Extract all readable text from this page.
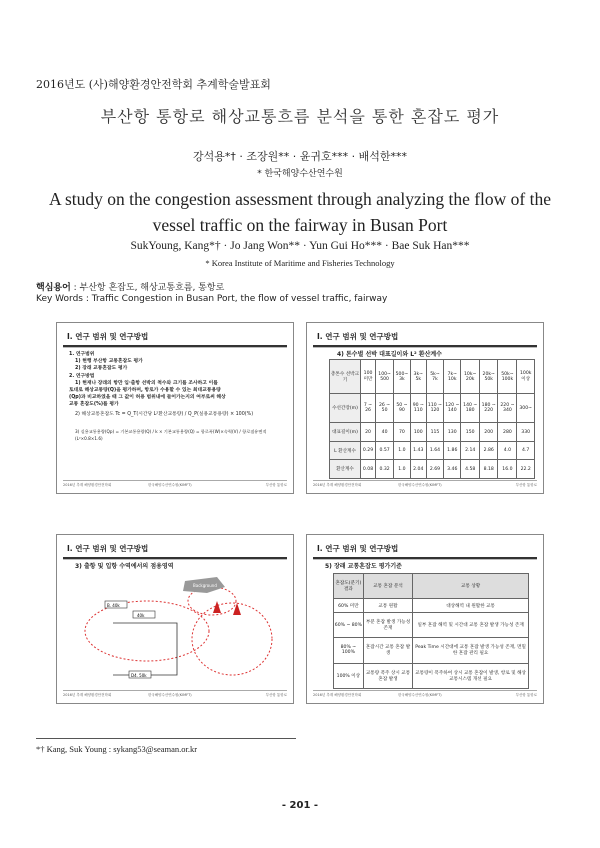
2016년도 (사)해양환경안전학회 추계학술발표회
부산항 통항로 해상교통흐름 분석을 통한 혼잡도 평가
강석용*† · 조장원** · 윤귀호*** · 배석한***
* 한국해양수산연수원
A study on the congestion assessment through analyzing the flow of the vessel traffic on the fairway in Busan Port
SukYoung, Kang*† · Jo Jang Won** · Yun Gui Ho*** · Bae Suk Han***
* Korea Institute of Maritime and Fisheries Technology
핵심용어 : 부산항 혼잡도, 해상교통흐름, 통항로
Key Words : Traffic Congestion in Busan Port, the flow of vessel traffic, fairway
I. 연구 범위 및 연구방법
1. 연구범위
1) 현행 부산항 교통혼잡도 평가
2) 장래 교통혼잡도 평가
2. 연구방법
1) 현재나 장래의 항만 입·출항 선박의 척수와 크기를 조사하고 이를
토대로 해상교통량(Q)을 평가하며, 항로가 수용할 수 있는 최대교통용량
(Qp)과 비교하였을 때 그 값이 허용 범위내에 들어가는지의 여부로써 해상
교통 혼잡도(%)를 평가
2) 해상교통혼잡도 Tc = Q_T(시간당 L²환산교통량) / Q_P(실용교통용량) × 100(%)
3) 실용교통용량(Qp) = 기본교통용량(Q) / k × 기본교통용량(Q) = 항로폭(W)×속력(V) / 항로점유면적(L²×0.8×1.6)
2016년 추계 해양환경안전학회	한국해양수산연수원(KIMFT)	부산항 통항로
I. 연구 범위 및 연구방법
4) 톤수별 선박 대표길이와 L² 환산계수
총톤수 선박크기	100 미만	100~ 500	500~ 3k	3k~ 5k	5k~ 7k	7k~ 10k	10k~ 20k	20k~ 50k	50k~ 100k	100k 이상
수선간장(m)	7 ~ 26	26 ~ 50	50 ~ 90	90 ~ 110	110 ~ 120	120 ~ 140	140 ~ 180	180 ~ 220	220 ~ 340	300~
대표길이(m)	20	40	70	100	115	130	150	200	280	330
L 환산계수	0.29	0.57	1.0	1.43	1.64	1.86	2.14	2.86	4.0	4.7
환산계수	0.08	0.32	1.0	2.04	2.69	3.46	4.58	8.18	16.0	22.2
2016년 추계 해양환경안전학회	한국해양수산연수원(KIMFT)	부산항 통항로
I. 연구 범위 및 연구방법
3) 출항 및 입항 수역에서의 점용영역
Background
B. 40k
40k
D4. 50k
2016년 추계 해양환경안전학회	한국해양수산연수원(KIMFT)	부산항 통항로
I. 연구 범위 및 연구방법
5) 장래 교통혼잡도 평가기준
혼잡도(분기)결과	교통 혼잡 분석	교통 상황
60% 미만	교통 원활	대상해역 내 원활한 교통
60% ~ 80%	부분 혼잡 발생 가능성 존재	일부 혼잡 해역 및 시간대 교통 혼잡 발생 가능성 존재
80% ~ 100%	혼잡시간 교통 혼잡 발생	Peak Time 시간대에 교통 혼잡 발생 가능성 존재, 면밀한 혼잡 관리 필요
100% 이상	교통량 폭주 상시 교통 혼잡 발생	교통량이 폭주하여 상시 교통 혼잡이 발생, 항로 및 해상교통시스템 개선 필요
2016년 추계 해양환경안전학회	한국해양수산연수원(KIMFT)	부산항 통항로
*† Kang, Suk Young : sykang53@seaman.or.kr
- 201 -
